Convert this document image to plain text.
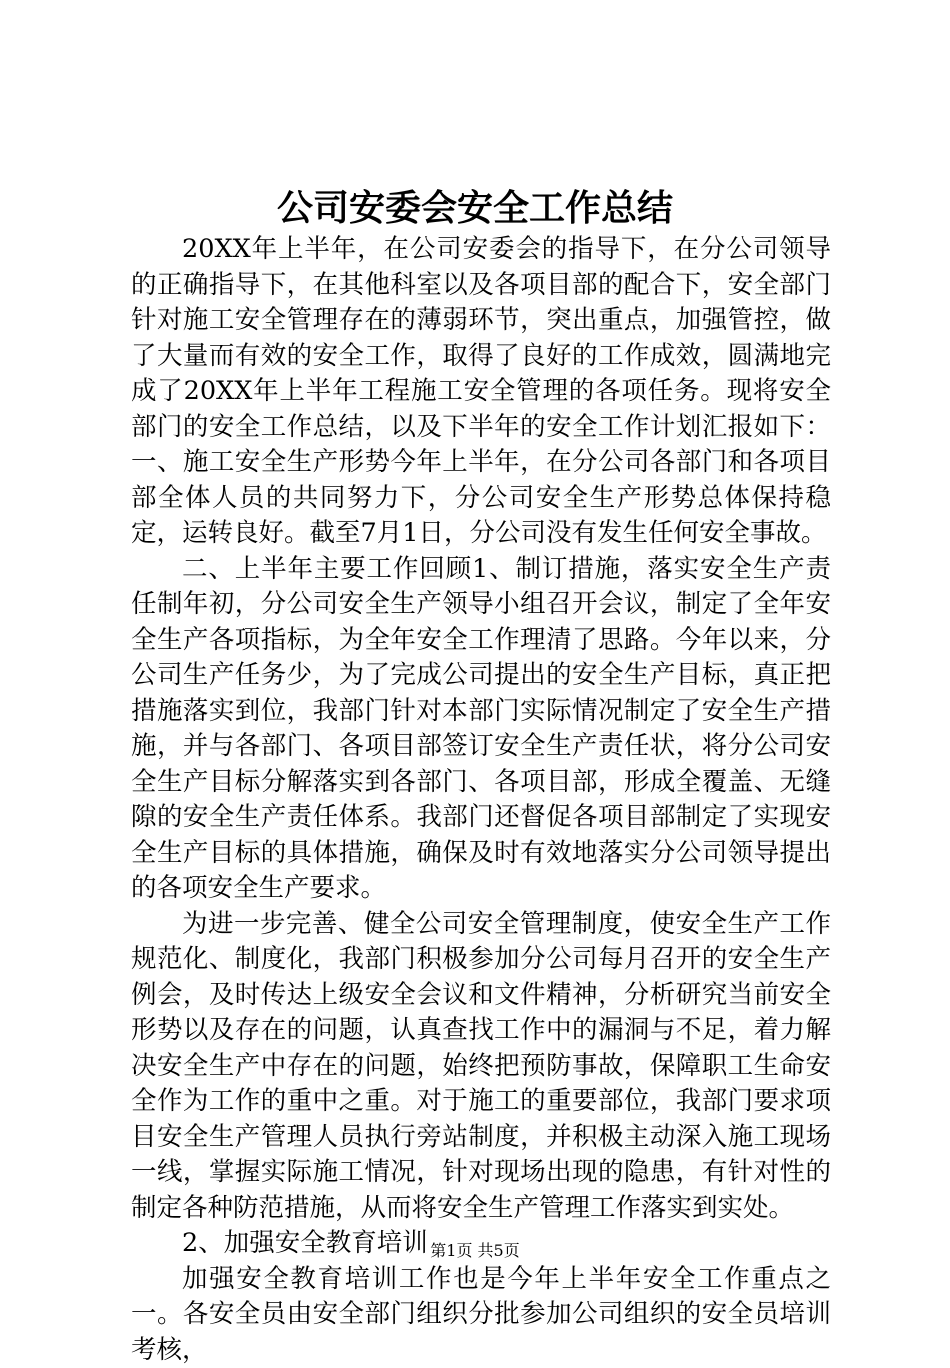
公司安委会安全工作总结

20XX年上半年，在公司安委会的指导下，在分公司领导的正确指导下，在其他科室以及各项目部的配合下，安全部门针对施工安全管理存在的薄弱环节，突出重点，加强管控，做了大量而有效的安全工作，取得了良好的工作成效，圆满地完成了20XX年上半年工程施工安全管理的各项任务。现将安全部门的安全工作总结，以及下半年的安全工作计划汇报如下：一、施工安全生产形势今年上半年，在分公司各部门和各项目部全体人员的共同努力下，分公司安全生产形势总体保持稳定，运转良好。截至7月1日，分公司没有发生任何安全事故。

二、上半年主要工作回顾1、制订措施，落实安全生产责任制年初，分公司安全生产领导小组召开会议，制定了全年安全生产各项指标，为全年安全工作理清了思路。今年以来，分公司生产任务少，为了完成公司提出的安全生产目标，真正把措施落实到位，我部门针对本部门实际情况制定了安全生产措施，并与各部门、各项目部签订安全生产责任状，将分公司安全生产目标分解落实到各部门、各项目部，形成全覆盖、无缝隙的安全生产责任体系。我部门还督促各项目部制定了实现安全生产目标的具体措施，确保及时有效地落实分公司领导提出的各项安全生产要求。

为进一步完善、健全公司安全管理制度，使安全生产工作规范化、制度化，我部门积极参加分公司每月召开的安全生产例会，及时传达上级安全会议和文件精神，分析研究当前安全形势以及存在的问题，认真查找工作中的漏洞与不足，着力解决安全生产中存在的问题，始终把预防事故，保障职工生命安全作为工作的重中之重。对于施工的重要部位，我部门要求项目安全生产管理人员执行旁站制度，并积极主动深入施工现场一线，掌握实际施工情况，针对现场出现的隐患，有针对性的制定各种防范措施，从而将安全生产管理工作落实到实处。

2、加强安全教育培训

加强安全教育培训工作也是今年上半年安全工作重点之一。各安全员由安全部门组织分批参加公司组织的安全员培训考核，

第1页 共5页
